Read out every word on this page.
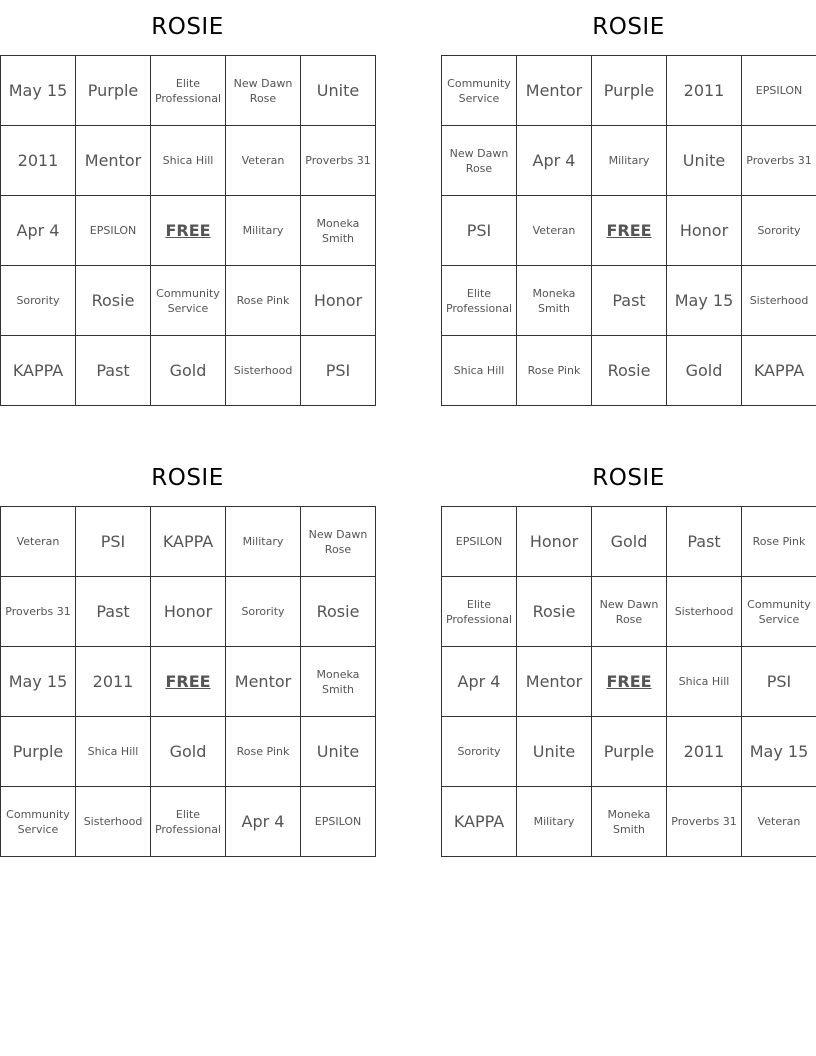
ROSIE
May 15	Purple	Elite Professional	New Dawn Rose	Unite
2011	Mentor	Shica Hill	Veteran	Proverbs 31
Apr 4	EPSILON	FREE	Military	Moneka Smith
Sorority	Rosie	Community Service	Rose Pink	Honor
KAPPA	Past	Gold	Sisterhood	PSI
ROSIE
Community Service	Mentor	Purple	2011	EPSILON
New Dawn Rose	Apr 4	Military	Unite	Proverbs 31
PSI	Veteran	FREE	Honor	Sorority
Elite Professional	Moneka Smith	Past	May 15	Sisterhood
Shica Hill	Rose Pink	Rosie	Gold	KAPPA
ROSIE
Veteran	PSI	KAPPA	Military	New Dawn Rose
Proverbs 31	Past	Honor	Sorority	Rosie
May 15	2011	FREE	Mentor	Moneka Smith
Purple	Shica Hill	Gold	Rose Pink	Unite
Community Service	Sisterhood	Elite Professional	Apr 4	EPSILON
ROSIE
EPSILON	Honor	Gold	Past	Rose Pink
Elite Professional	Rosie	New Dawn Rose	Sisterhood	Community Service
Apr 4	Mentor	FREE	Shica Hill	PSI
Sorority	Unite	Purple	2011	May 15
KAPPA	Military	Moneka Smith	Proverbs 31	Veteran
